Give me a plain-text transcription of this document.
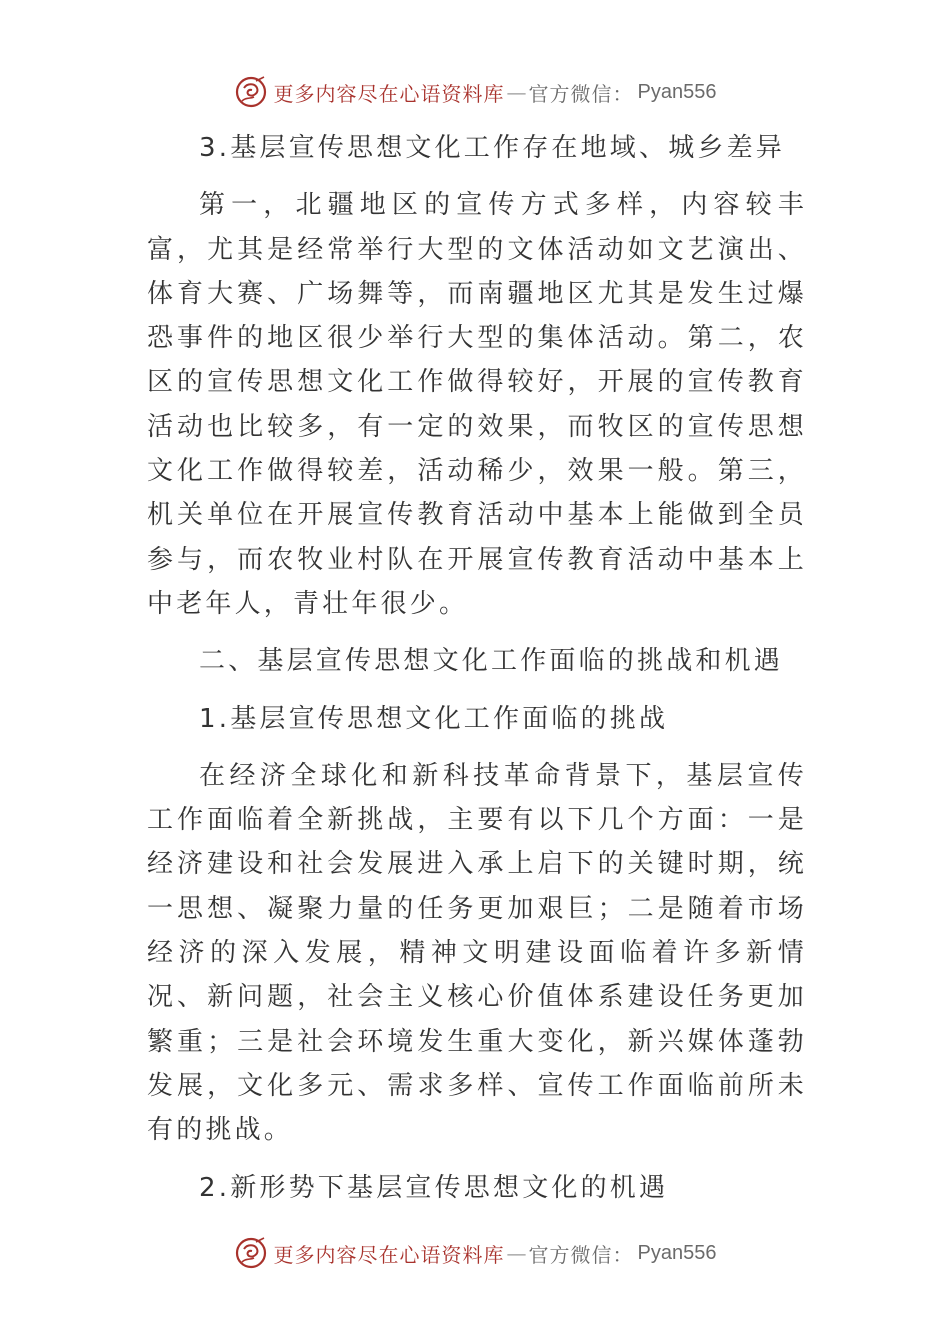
更多内容尽在心语资料库 — 官方微信： Pyan556

3.基层宣传思想文化工作存在地域、城乡差异

第一，北疆地区的宣传方式多样，内容较丰富，尤其是经常举行大型的文体活动如文艺演出、体育大赛、广场舞等，而南疆地区尤其是发生过爆恐事件的地区很少举行大型的集体活动。第二，农区的宣传思想文化工作做得较好，开展的宣传教育活动也比较多，有一定的效果，而牧区的宣传思想文化工作做得较差，活动稀少，效果一般。第三，机关单位在开展宣传教育活动中基本上能做到全员参与，而农牧业村队在开展宣传教育活动中基本上中老年人，青壮年很少。

二、基层宣传思想文化工作面临的挑战和机遇

1.基层宣传思想文化工作面临的挑战

在经济全球化和新科技革命背景下，基层宣传工作面临着全新挑战，主要有以下几个方面：一是经济建设和社会发展进入承上启下的关键时期，统一思想、凝聚力量的任务更加艰巨；二是随着市场经济的深入发展，精神文明建设面临着许多新情况、新问题，社会主义核心价值体系建设任务更加繁重；三是社会环境发生重大变化，新兴媒体蓬勃发展，文化多元、需求多样、宣传工作面临前所未有的挑战。

2.新形势下基层宣传思想文化的机遇

更多内容尽在心语资料库 — 官方微信： Pyan556
